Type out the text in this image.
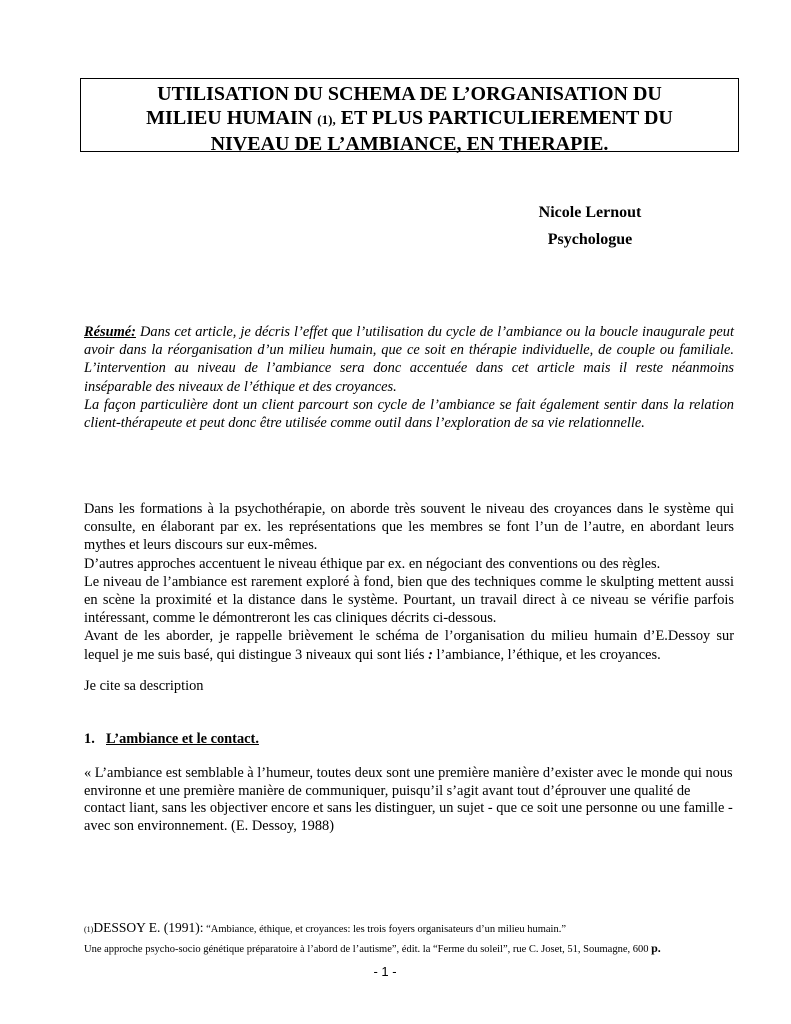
UTILISATION DU SCHEMA DE L’ORGANISATION DU
MILIEU HUMAIN (1), ET PLUS PARTICULIEREMENT DU
NIVEAU DE L’AMBIANCE, EN THERAPIE.
Nicole Lernout
Psychologue

Résumé: Dans cet article, je décris l’effet que l’utilisation du cycle de l’ambiance ou la boucle inaugurale peut avoir dans la réorganisation d’un milieu humain, que ce soit en thérapie individuelle, de couple ou familiale. L’intervention au niveau de l’ambiance sera donc accentuée dans cet article mais il reste néanmoins inséparable des niveaux de l’éthique et des croyances.

La façon particulière dont un client parcourt son cycle de l’ambiance se fait également sentir dans la relation client-thérapeute et peut donc être utilisée comme outil dans l’exploration de sa vie relationnelle.

Dans les formations à la psychothérapie, on aborde très souvent le niveau des croyances dans le système qui consulte, en élaborant par ex. les représentations que les membres se font l’un de l’autre, en abordant leurs mythes et leurs discours sur eux-mêmes.

D’autres approches accentuent le niveau éthique par ex. en négociant des conventions ou des règles.

Le niveau de l’ambiance est rarement exploré à fond, bien que des techniques comme le skulpting mettent aussi en scène la proximité et la distance dans le système. Pourtant, un travail direct à ce niveau se vérifie parfois intéressant, comme le démontreront les cas cliniques décrits ci-dessous.

Avant de les aborder, je rappelle brièvement le schéma de l’organisation du milieu humain d’E.Dessoy sur lequel je me suis basé, qui distingue 3 niveaux qui sont liés : l’ambiance, l’éthique, et les croyances.

Je cite sa description
1. L’ambiance et le contact.
« L’ambiance est semblable à l’humeur, toutes deux sont une première manière d’exister avec le monde qui nous environne et une première manière de communiquer, puisqu’il s’agit avant tout d’éprouver une qualité de contact liant, sans les objectiver encore et sans les distinguer, un sujet - que ce soit une personne ou une famille - avec son environnement. (E. Dessoy, 1988)
(1)DESSOY E. (1991): “Ambiance, éthique, et croyances: les trois foyers organisateurs d’un milieu humain.”
Une approche psycho-socio génétique préparatoire à l’abord de l’autisme”, édit. la “Ferme du soleil”, rue C. Joset, 51, Soumagne, 600 p.
- 1 -
